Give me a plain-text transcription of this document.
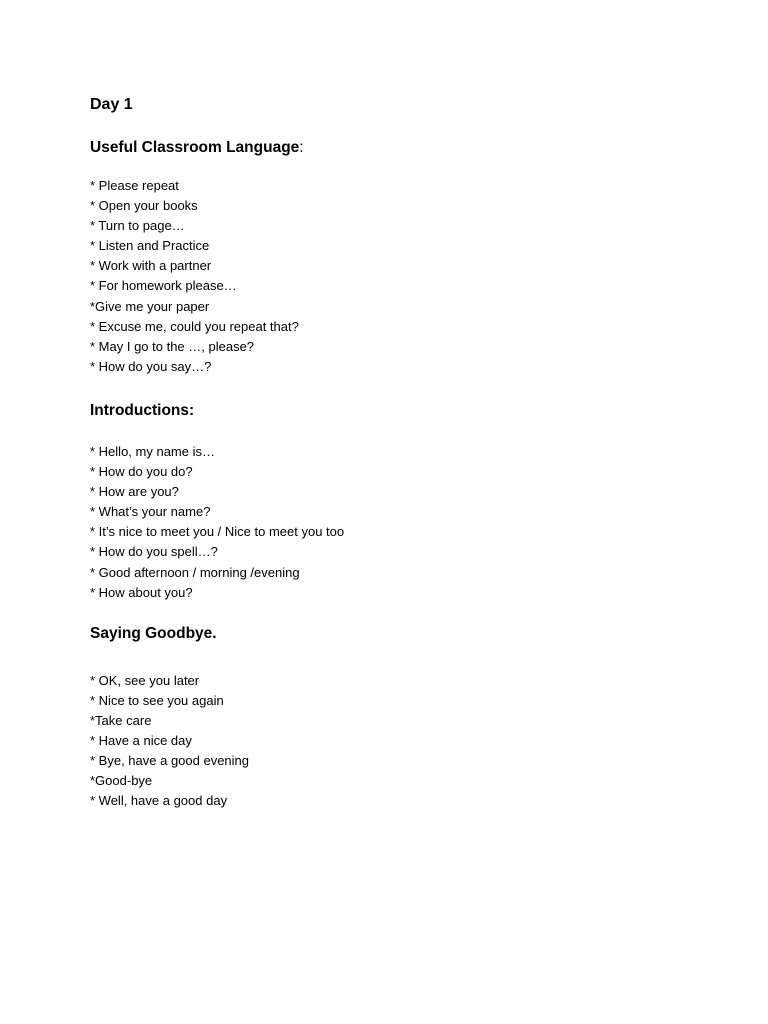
Day 1
Useful Classroom Language:
* Please repeat
* Open your books
* Turn to page…
* Listen and Practice
* Work with a partner
* For homework please…
*Give me your paper
* Excuse me, could you repeat that?
* May I go to the …, please?
* How do you say…?
Introductions:
* Hello, my name is…
* How do you do?
* How are you?
* What’s your name?
* It’s nice to meet you / Nice to meet you too
* How do you spell…?
* Good afternoon / morning /evening
* How about you?
Saying Goodbye.
* OK, see you later
* Nice to see you again
*Take care
* Have a nice day
* Bye, have a good evening
*Good-bye
* Well, have a good day
